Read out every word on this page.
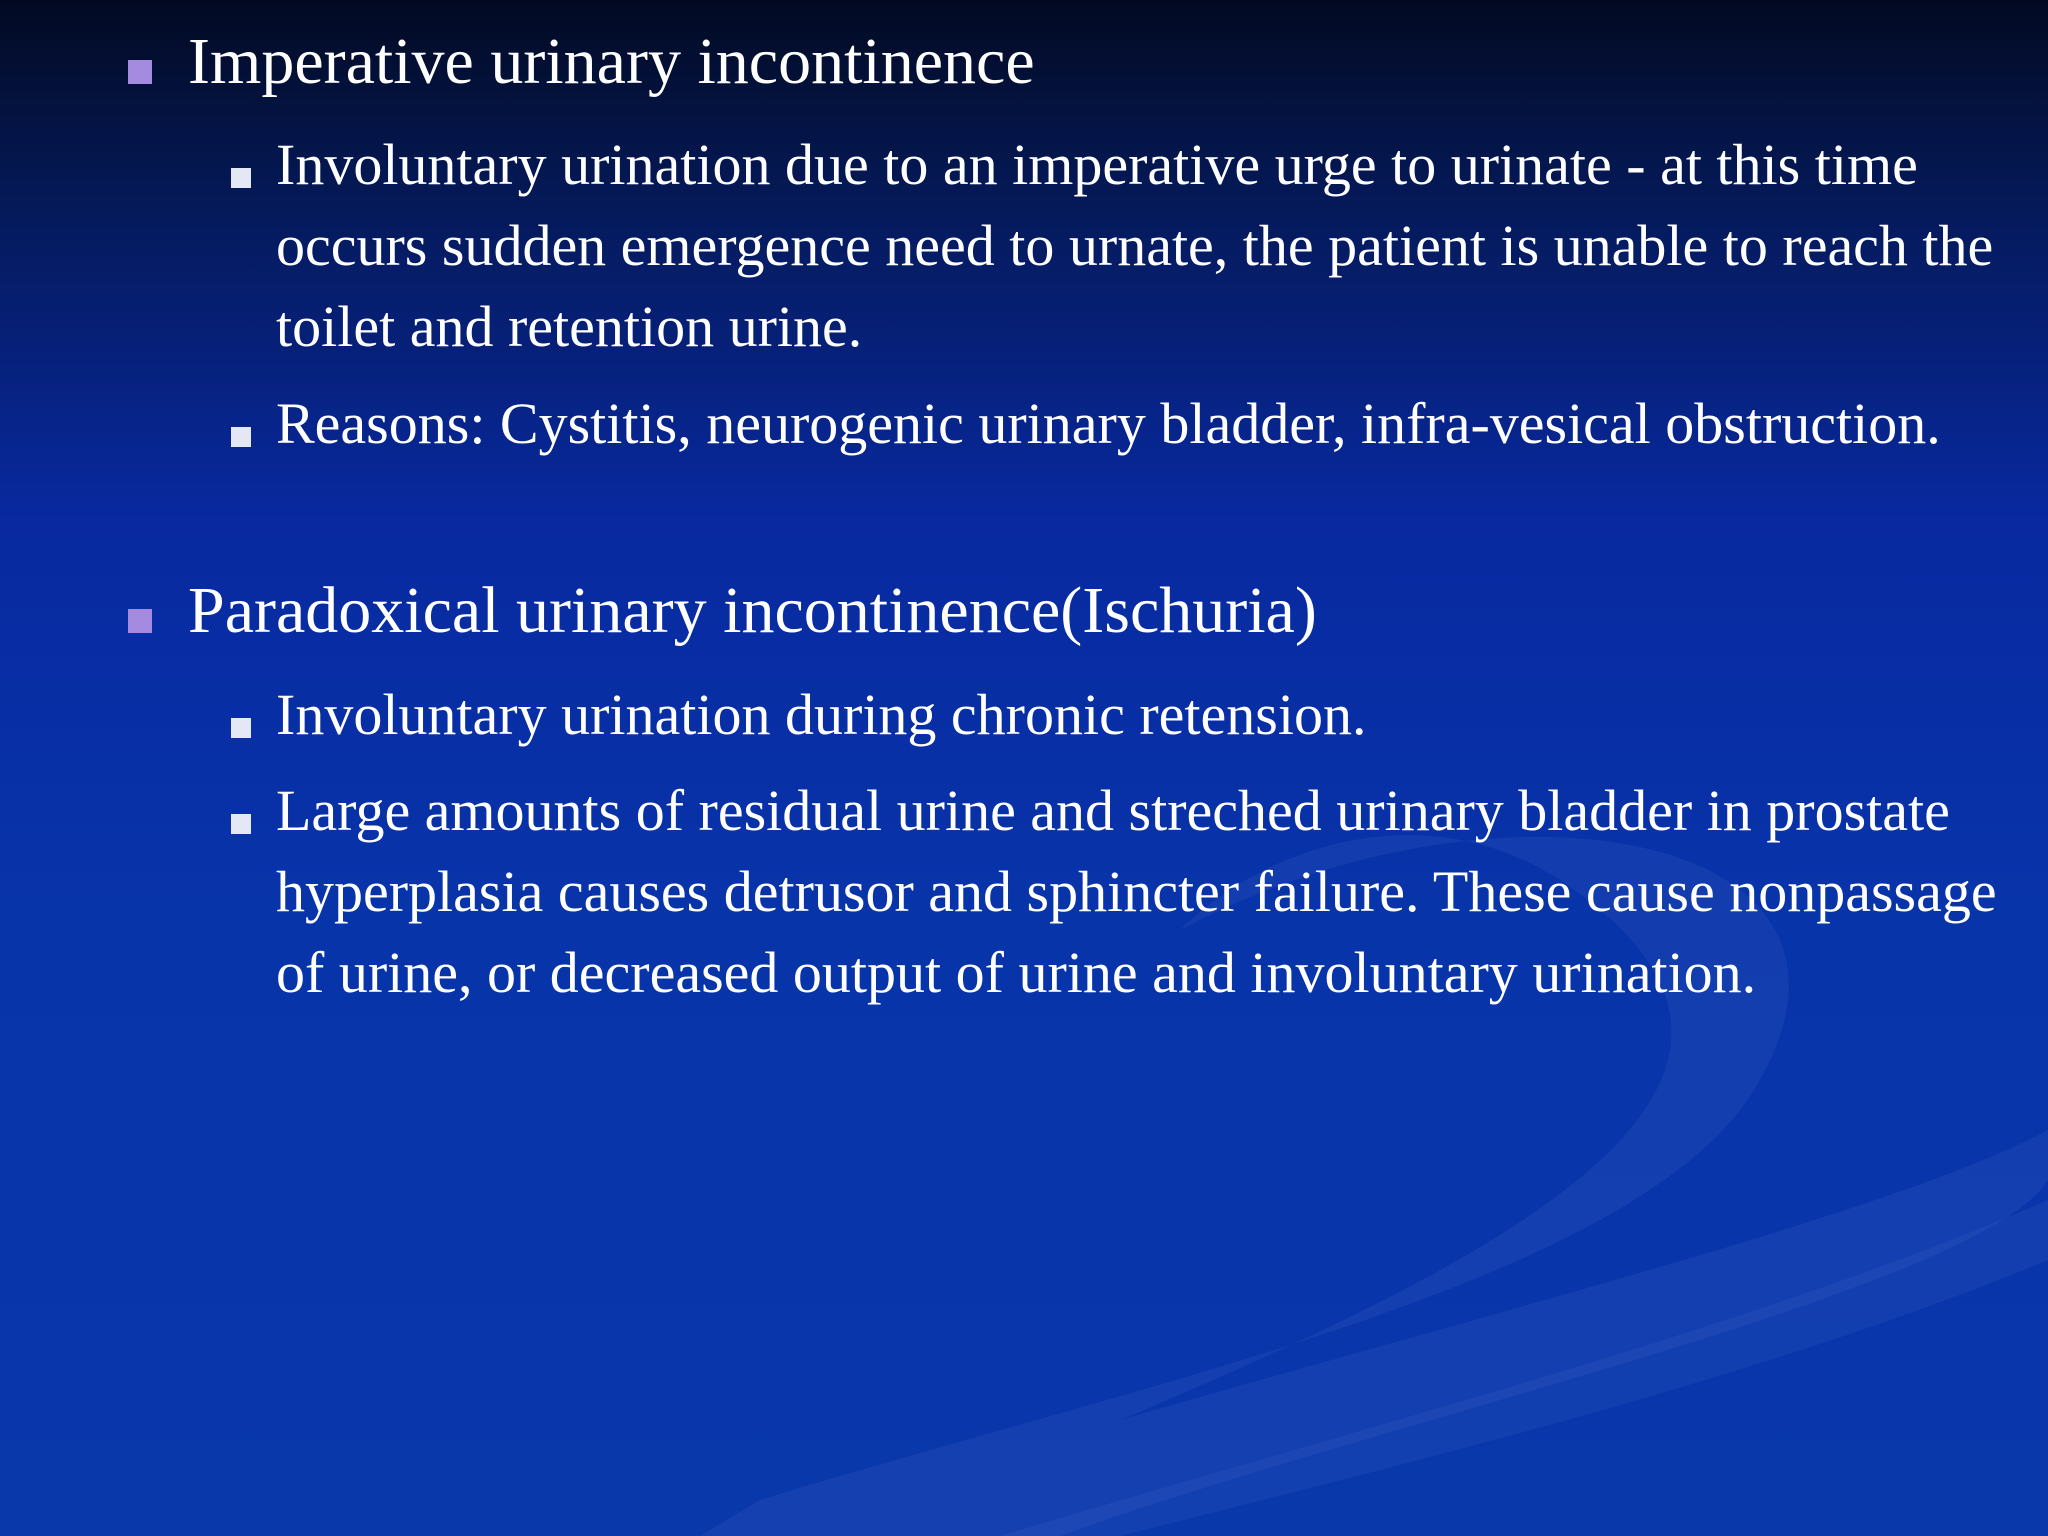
Imperative urinary incontinence
Involuntary urination due to an imperative urge to urinate - at this time occurs sudden emergence need to urnate, the patient is unable to reach the toilet and retention urine.
Reasons: Cystitis, neurogenic urinary bladder, infra-vesical obstruction.
Paradoxical urinary incontinence(Ischuria)
Involuntary urination during chronic retension.
Large amounts of residual urine and streched urinary bladder in prostate hyperplasia causes detrusor and sphincter failure. These cause nonpassage of urine, or decreased output of urine and involuntary urination.
